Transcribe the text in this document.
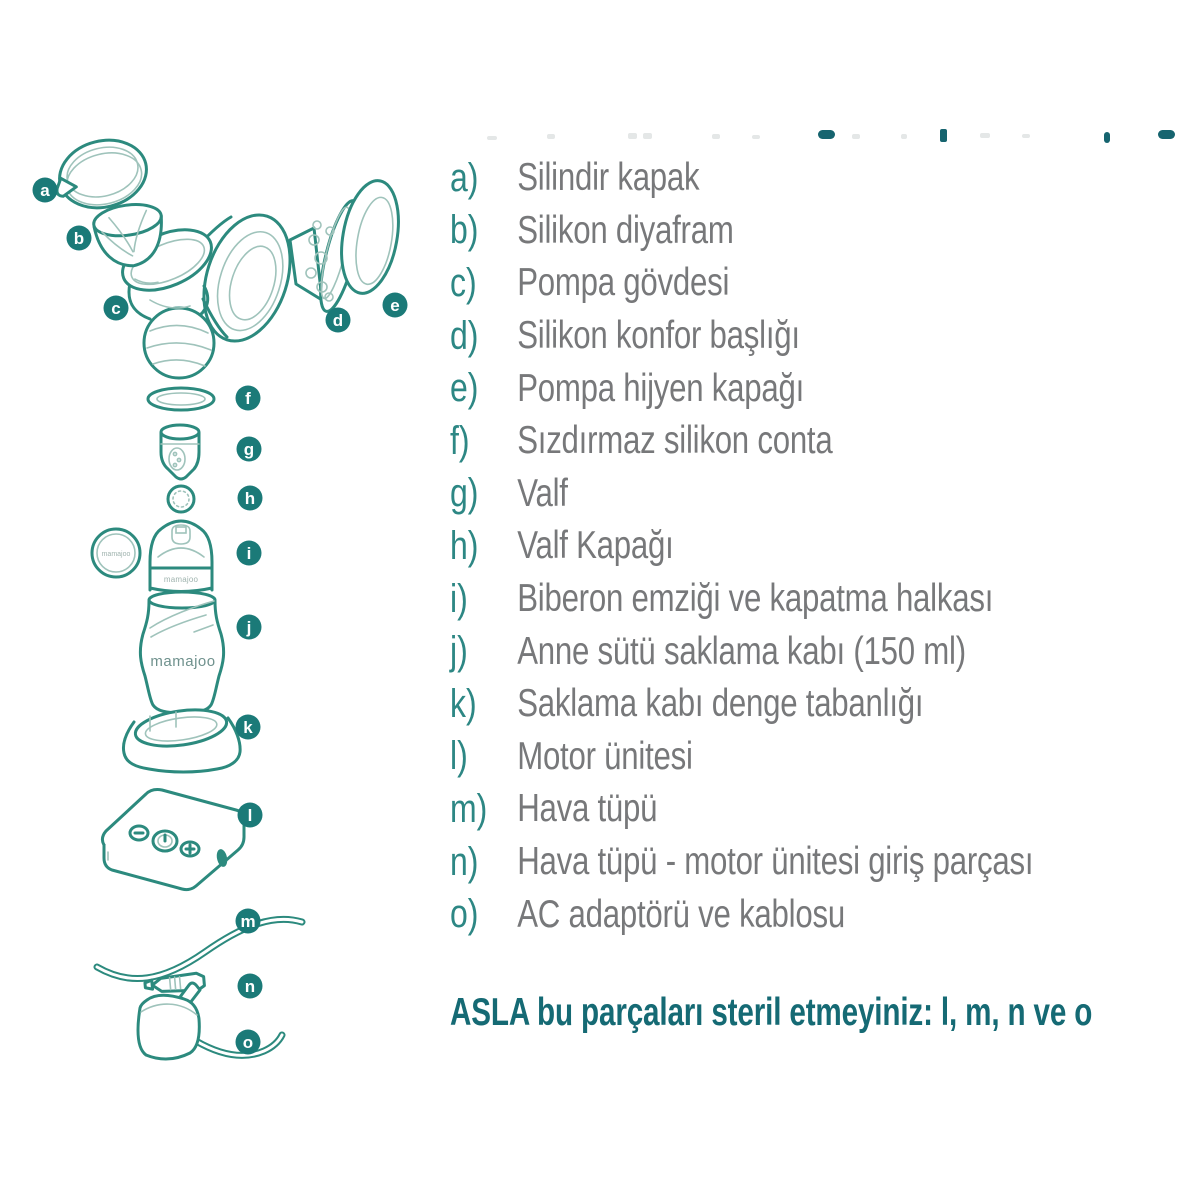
mamajoo
mamajoo
mamajoo
a
b
c
d
e
f
g
h
i
j
k
l
m
n
o
a) Silindir kapak
b) Silikon diyafram
c)	Pompa gövdesi
d) Silikon konfor başlığı
e) Pompa hijyen kapağı
f)	Sızdırmaz silikon conta
g) Valf
h) Valf Kapağı
i)	Biberon emziği ve kapatma halkası
j)	Anne sütü saklama kabı (150 ml)
k)	Saklama kabı denge tabanlığı
l)	Motor ünitesi
m) Hava tüpü
n) Hava tüpü - motor ünitesi giriş parçası
o) AC adaptörü ve kablosu
ASLA bu parçaları steril etmeyiniz: l, m, n ve o
